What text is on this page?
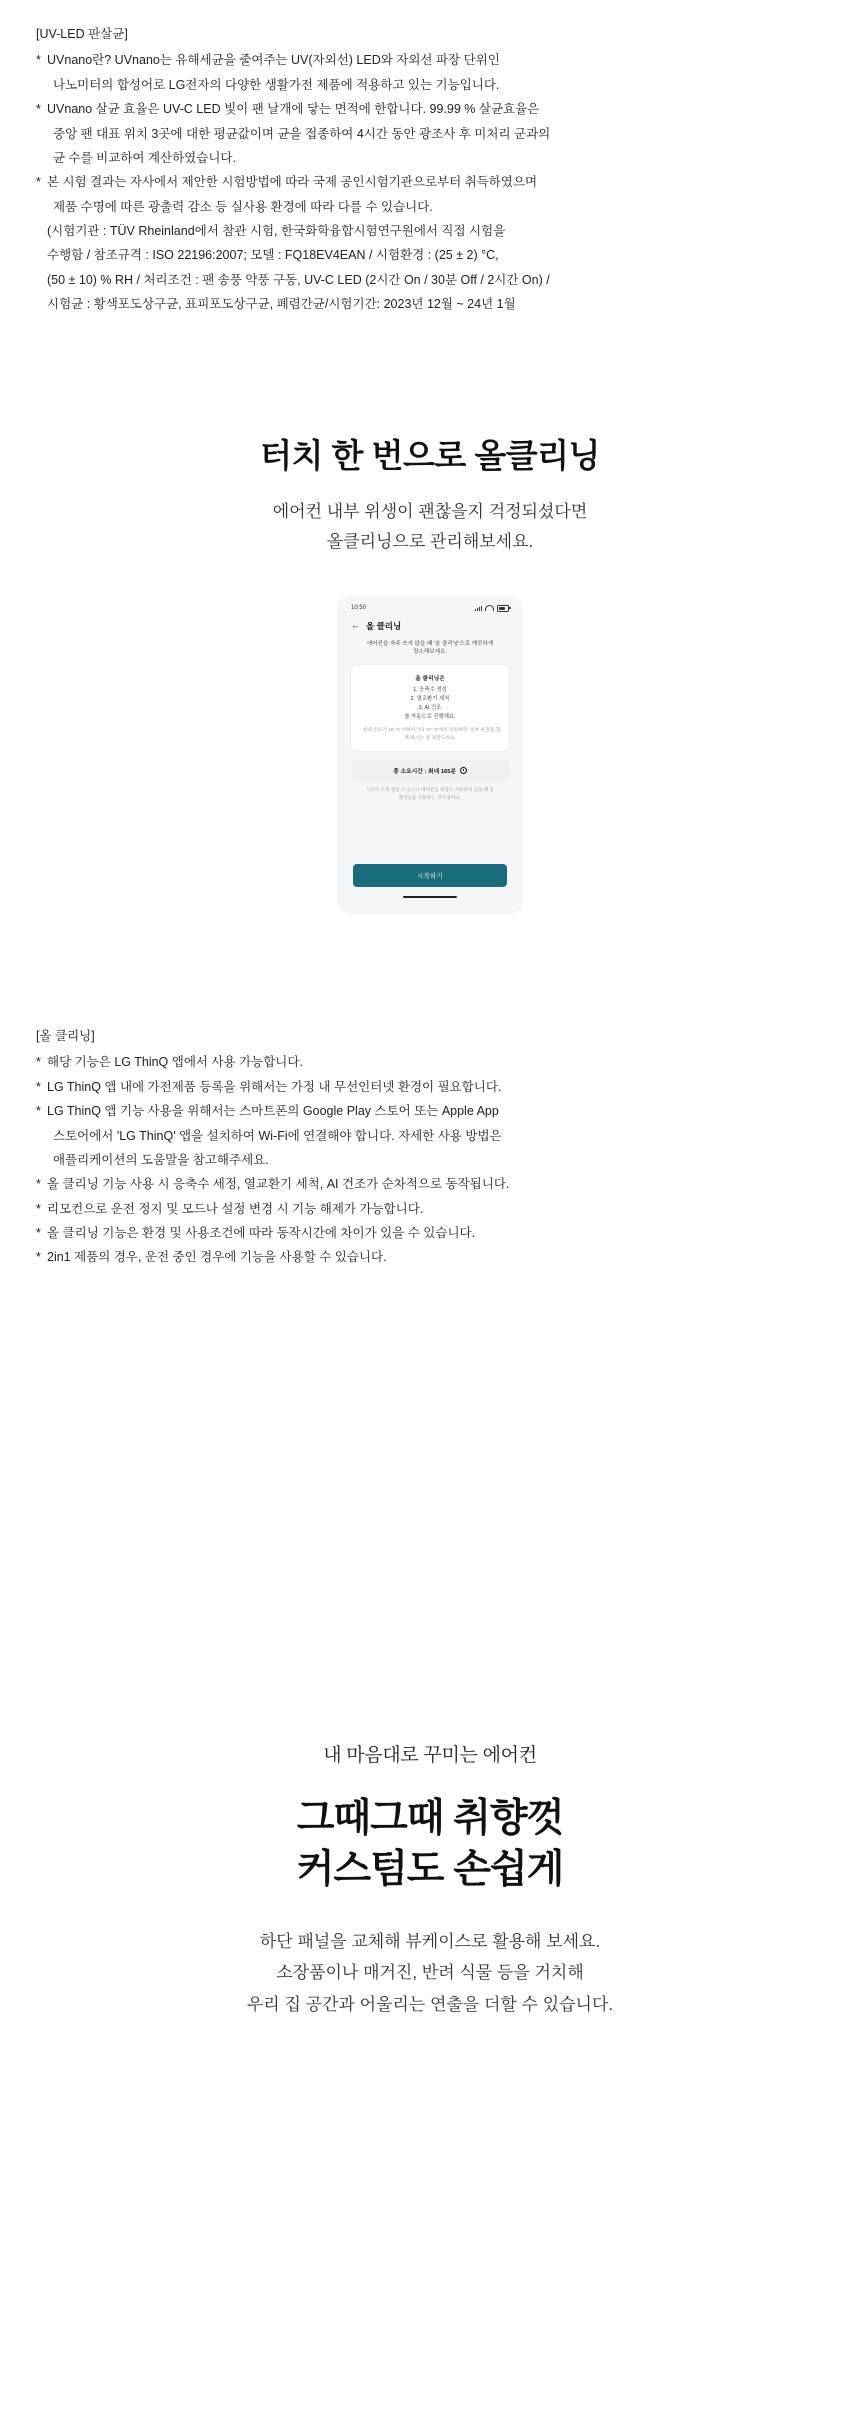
[UV-LED 판살균]
* UVnano란? UVnano는 유해세균을 줄여주는 UV(자외선) LED와 자외선 파장 단위인
나노미터의 합성어로 LG전자의 다양한 생활가전 제품에 적용하고 있는 기능입니다.
* UVnano 살균 효율은 UV-C LED 빛이 팬 날개에 닿는 면적에 한합니다. 99.99 % 살균효율은
중앙 팬 대표 위치 3곳에 대한 평균값이며 균을 접종하여 4시간 동안 광조사 후 미처리 군과의
균 수를 비교하여 계산하였습니다.
* 본 시험 결과는 자사에서 제안한 시험방법에 따라 국제 공인시험기관으로부터 취득하였으며
제품 수명에 따른 광출력 감소 등 실사용 환경에 따라 다를 수 있습니다.
(시험기관 : TÜV Rheinland에서 참관 시험, 한국화학융합시험연구원에서 직접 시험을
수행함 / 참조규격 : ISO 22196:2007; 모델 : FQ18EV4EAN / 시험환경 : (25 ± 2) °C,
(50 ± 10) % RH / 처리조건 : 팬 송풍 약풍 구동, UV-C LED (2시간 On / 30분 Off / 2시간 On) /
시험균 : 황색포도상구균, 표피포도상구균, 폐렴간균/시험기간: 2023년 12월 ~ 24년 1월
터치 한 번으로 올클리닝
에어컨 내부 위생이 괜찮을지 걱정되셨다면
올클리닝으로 관리해보세요.
10:50
← 올 클리닝
에어컨을 자주 쓰지 않을 때 '올 클리닝'으로 깨끗하게
청소해보세요.
올 클리닝은
1. 응축수 생성
2. 열교환기 세척
3. AI 건조
를 자동으로 진행해요.
· 실내 온도가 18 °C 이하이거나 37 °C에서 작동하면, 일부 운전을 함께 하시는 걸 권장드려요.
총 소요시간 : 최대 165분
시간이 오래 걸릴 수 있으니 에어컨을 한참은 사용하지 않을 때 올
클리닝을 사용하는 것이 좋아요.
시작하기
[올 클리닝]
* 해당 기능은 LG ThinQ 앱에서 사용 가능합니다.
* LG ThinQ 앱 내에 가전제품 등록을 위해서는 가정 내 무선인터넷 환경이 필요합니다.
* LG ThinQ 앱 기능 사용을 위해서는 스마트폰의 Google Play 스토어 또는 Apple App
스토어에서 'LG ThinQ' 앱을 설치하여 Wi-Fi에 연결해야 합니다. 자세한 사용 방법은
애플리케이션의 도움말을 참고해주세요.
* 올 클리닝 기능 사용 시 응축수 세정, 열교환기 세척, AI 건조가 순차적으로 동작됩니다.
* 리모컨으로 운전 정지 및 모드나 설정 변경 시 기능 해제가 가능합니다.
* 올 클리닝 기능은 환경 및 사용조건에 따라 동작시간에 차이가 있을 수 있습니다.
* 2in1 제품의 경우, 운전 중인 경우에 기능을 사용할 수 있습니다.
내 마음대로 꾸미는 에어컨
그때그때 취향껏
커스텀도 손쉽게
하단 패널을 교체해 뷰케이스로 활용해 보세요.
소장품이나 매거진, 반려 식물 등을 거치해
우리 집 공간과 어울리는 연출을 더할 수 있습니다.
